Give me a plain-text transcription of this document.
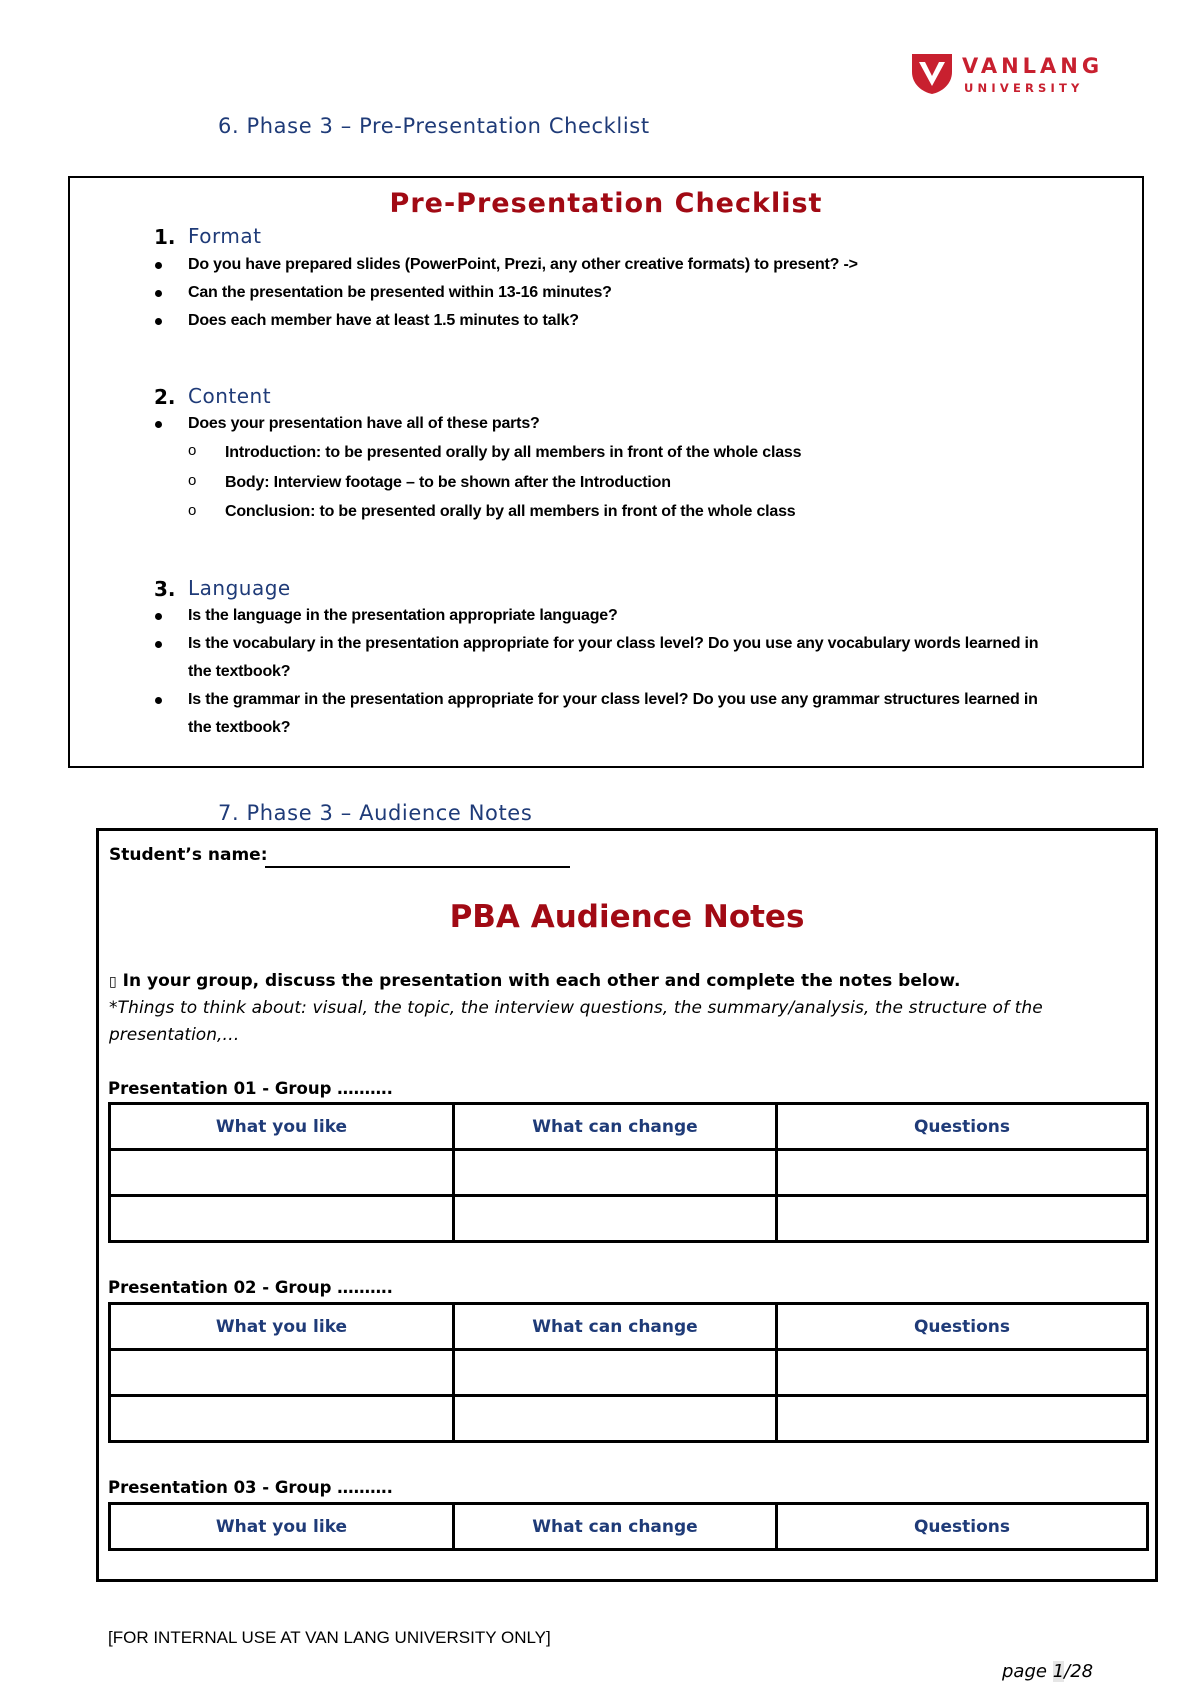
VANLANG
UNIVERSITY
6. Phase 3 – Pre-Presentation Checklist
Pre-Presentation Checklist
1. Format
Do you have prepared slides (PowerPoint, Prezi, any other creative formats) to present? ->
Can the presentation be presented within 13-16 minutes?
Does each member have at least 1.5 minutes to talk?
2. Content
Does your presentation have all of these parts?
o Introduction: to be presented orally by all members in front of the whole class
o Body: Interview footage – to be shown after the Introduction
o Conclusion: to be presented orally by all members in front of the whole class
3. Language
Is the language in the presentation appropriate language?
Is the vocabulary in the presentation appropriate for your class level? Do you use any vocabulary words learned in
the textbook?
Is the grammar in the presentation appropriate for your class level? Do you use any grammar structures learned in
the textbook?
7. Phase 3 – Audience Notes
Student’s name:
PBA Audience Notes
▯ In your group, discuss the presentation with each other and complete the notes below.
*Things to think about: visual, the topic, the interview questions, the summary/analysis, the structure of the
presentation,…
Presentation 01 - Group ……….
What you like	What can change	Questions

Presentation 02 - Group ……….
What you like	What can change	Questions

Presentation 03 - Group ……….
What you like	What can change	Questions
[FOR INTERNAL USE AT VAN LANG UNIVERSITY ONLY]
page 1/28
